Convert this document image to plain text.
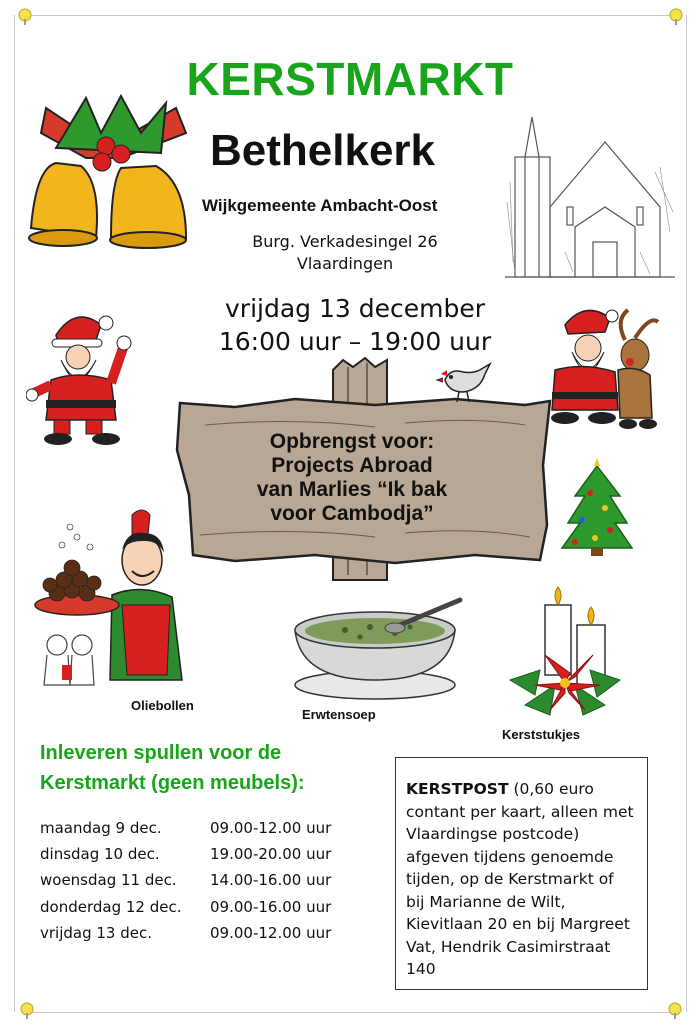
KERSTMARKT
Bethelkerk
Wijkgemeente Ambacht-Oost
Burg. Verkadesingel 26
Vlaardingen
vrijdag 13 december
16:00 uur – 19:00 uur
Opbrengst voor:
Projects Abroad
van Marlies “Ik bak
voor Cambodja”
Oliebollen
Erwtensoep
Kerststukjes
Inleveren spullen voor de
Kerstmarkt (geen meubels):
maandag 9 dec.	09.00-12.00 uur
dinsdag 10 dec.	19.00-20.00 uur
woensdag 11 dec.	14.00-16.00 uur
donderdag 12 dec.	09.00-16.00 uur
vrijdag 13 dec.	09.00-12.00 uur
KERSTPOST (0,60 euro contant per kaart, alleen met Vlaardingse postcode) afgeven tijdens genoemde tijden, op de Kerstmarkt of bij Marianne de Wilt, Kievitlaan 20 en bij Margreet Vat, Hendrik Casimirstraat 140
